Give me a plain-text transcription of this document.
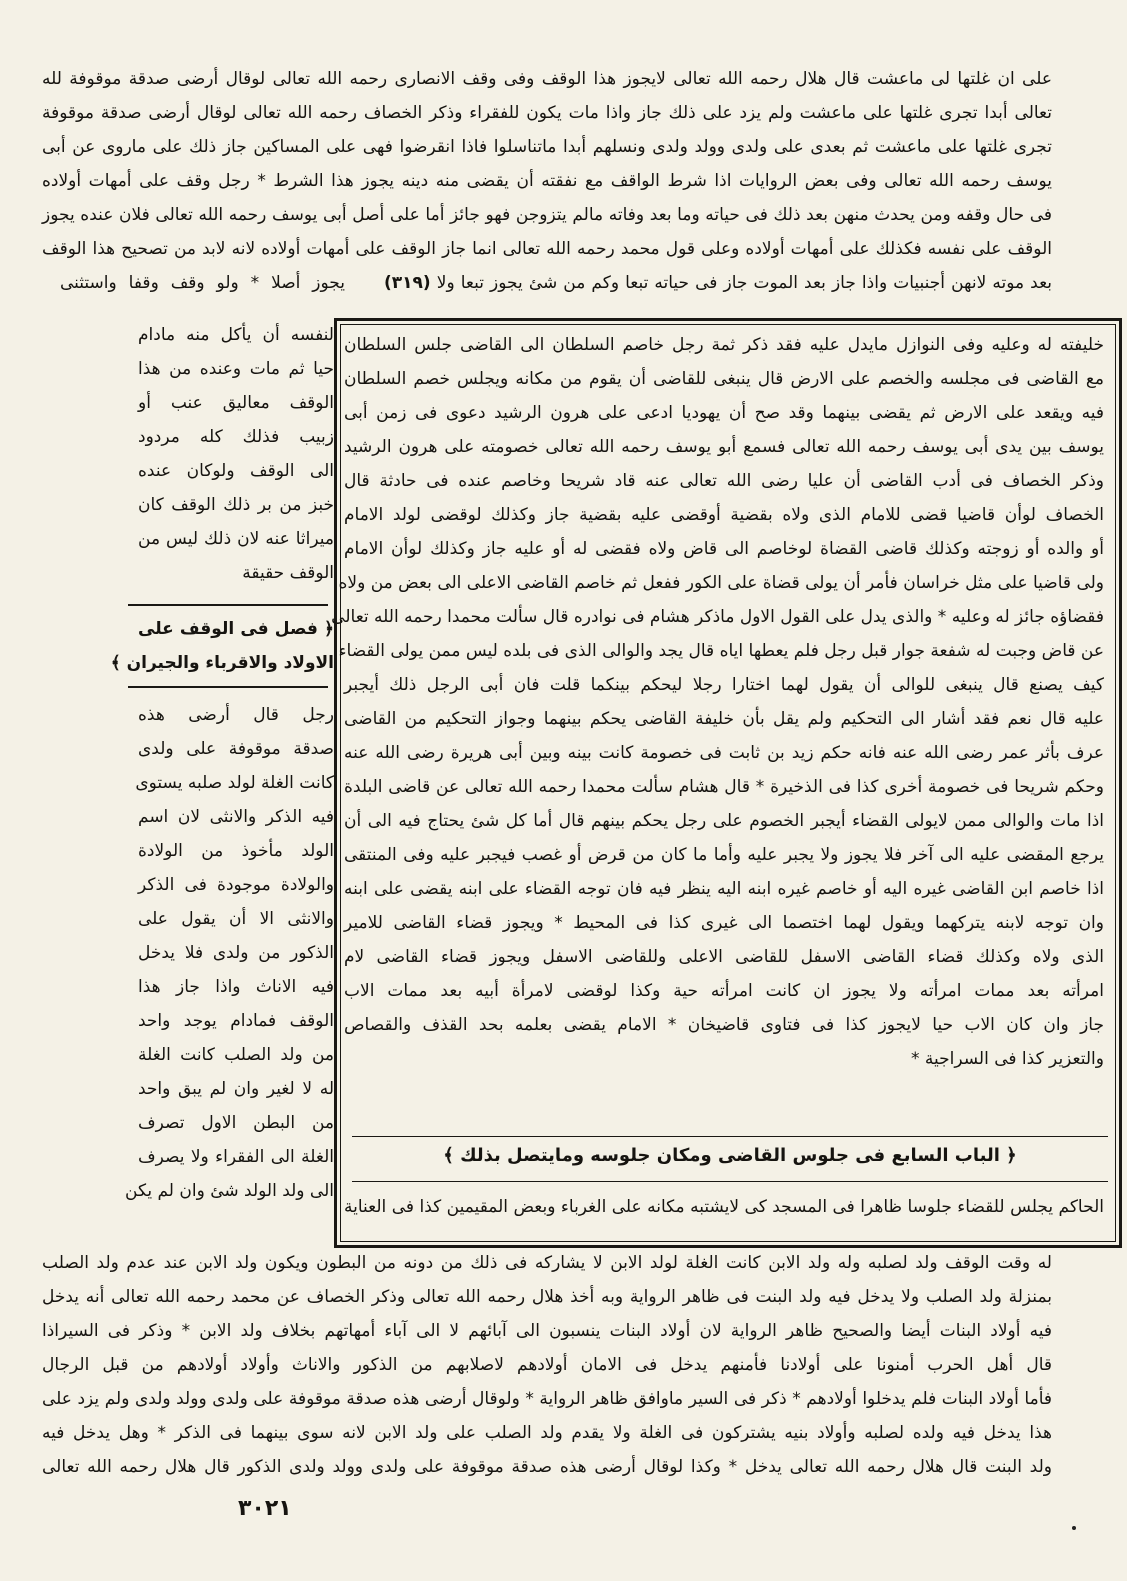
على ان غلتها لى ماعشت قال هلال رحمه الله تعالى لايجوز هذا الوقف وفى وقف الانصارى رحمه الله تعالى لوقال أرضى صدقة موقوفة لله
تعالى أبدا تجرى غلتها على ماعشت ولم يزد على ذلك جاز واذا مات يكون للفقراء وذكر الخصاف رحمه الله تعالى لوقال أرضى صدقة موقوفة
تجرى غلتها على ماعشت ثم بعدى على ولدى وولد ولدى ونسلهم أبدا ماتناسلوا فاذا انقرضوا فهى على المساكين جاز ذلك على ماروى عن أبى
يوسف رحمه الله تعالى وفى بعض الروايات اذا شرط الواقف مع نفقته أن يقضى منه دينه يجوز هذا الشرط * رجل وقف على أمهات أولاده
فى حال وقفه ومن يحدث منهن بعد ذلك فى حياته وما بعد وفاته مالم يتزوجن فهو جائز أما على أصل أبى يوسف رحمه الله تعالى فلان عنده يجوز
الوقف على نفسه فكذلك على أمهات أولاده وعلى قول محمد رحمه الله تعالى انما جاز الوقف على أمهات أولاده لانه لابد من تصحيح هذا الوقف
بعد موته لانهن أجنبيات واذا جاز بعد الموت جاز فى حياته تبعا وكم من شئ يجوز تبعا ولا (٣١٩)
يجوز أصلا * ولو وقف وقفا واستثنى
خليفته له وعليه وفى النوازل مايدل عليه فقد ذكر ثمة رجل خاصم السلطان الى القاضى جلس السلطان
مع القاضى فى مجلسه والخصم على الارض قال ينبغى للقاضى أن يقوم من مكانه ويجلس خصم السلطان
فيه ويقعد على الارض ثم يقضى بينهما وقد صح أن يهوديا ادعى على هرون الرشيد دعوى فى زمن أبى
يوسف بين يدى أبى يوسف رحمه الله تعالى فسمع أبو يوسف رحمه الله تعالى خصومته على هرون الرشيد
وذكر الخصاف فى أدب القاضى أن عليا رضى الله تعالى عنه قاد شريحا وخاصم عنده فى حادثة قال
الخصاف لوأن قاضيا قضى للامام الذى ولاه بقضية أوقضى عليه بقضية جاز وكذلك لوقضى لولد الامام
أو والده أو زوجته وكذلك قاضى القضاة لوخاصم الى قاض ولاه فقضى له أو عليه جاز وكذلك لوأن الامام
ولى قاضيا على مثل خراسان فأمر أن يولى قضاة على الكور ففعل ثم خاصم القاضى الاعلى الى بعض من ولاه
فقضاؤه جائز له وعليه * والذى يدل على القول الاول ماذكر هشام فى نوادره قال سألت محمدا رحمه الله تعالى
عن قاض وجبت له شفعة جوار قبل رجل فلم يعطها اياه قال يجد والوالى الذى فى بلده ليس ممن يولى القضاء
كيف يصنع قال ينبغى للوالى أن يقول لهما اختارا رجلا ليحكم بينكما قلت فان أبى الرجل ذلك أيجبر
عليه قال نعم فقد أشار الى التحكيم ولم يقل بأن خليفة القاضى يحكم بينهما وجواز التحكيم من القاضى
عرف بأثر عمر رضى الله عنه فانه حكم زيد بن ثابت فى خصومة كانت بينه وبين أبى هريرة رضى الله عنه
وحكم شريحا فى خصومة أخرى كذا فى الذخيرة * قال هشام سألت محمدا رحمه الله تعالى عن قاضى البلدة
اذا مات والوالى ممن لايولى القضاء أيجبر الخصوم على رجل يحكم بينهم قال أما كل شئ يحتاج فيه الى أن
يرجع المقضى عليه الى آخر فلا يجوز ولا يجبر عليه وأما ما كان من قرض أو غصب فيجبر عليه وفى المنتقى
اذا خاصم ابن القاضى غيره اليه أو خاصم غيره ابنه اليه ينظر فيه فان توجه القضاء على ابنه يقضى على ابنه
وان توجه لابنه يتركهما ويقول لهما اختصما الى غيرى كذا فى المحيط * ويجوز قضاء القاضى للامير
الذى ولاه وكذلك قضاء القاضى الاسفل للقاضى الاعلى وللقاضى الاسفل ويجوز قضاء القاضى لام
امرأته بعد ممات امرأته ولا يجوز ان كانت امرأته حية وكذا لوقضى لامرأة أبيه بعد ممات الاب
جاز وان كان الاب حيا لايجوز كذا فى فتاوى قاضيخان * الامام يقضى بعلمه بحد القذف والقصاص
والتعزير كذا فى السراجية *
الحاكم يجلس للقضاء جلوسا ظاهرا فى المسجد كى لايشتبه مكانه على الغرباء وبعض المقيمين كذا فى العناية
﴿ الباب السابع فى جلوس القاضى ومكان جلوسه ومايتصل بذلك ﴾
لنفسه أن يأكل منه مادام
حيا ثم مات وعنده من هذا
الوقف معاليق عنب أو
زبيب فذلك كله مردود
الى الوقف ولوكان عنده
خبز من بر ذلك الوقف كان
ميراثا عنه لان ذلك ليس من
الوقف حقيقة
﴿ فصل فى الوقف على
الاولاد والاقرباء والجيران ﴾
رجل قال أرضى هذه
صدقة موقوفة على ولدى
كانت الغلة لولد صلبه يستوى
فيه الذكر والانثى لان اسم
الولد مأخوذ من الولادة
والولادة موجودة فى الذكر
والانثى الا أن يقول على
الذكور من ولدى فلا يدخل
فيه الاناث واذا جاز هذا
الوقف فمادام يوجد واحد
من ولد الصلب كانت الغلة
له لا لغير وان لم يبق واحد
من البطن الاول تصرف
الغلة الى الفقراء ولا يصرف
الى ولد الولد شئ وان لم يكن
له وقت الوقف ولد لصلبه وله ولد الابن كانت الغلة لولد الابن لا يشاركه فى ذلك من دونه من البطون ويكون ولد الابن عند عدم ولد الصلب
بمنزلة ولد الصلب ولا يدخل فيه ولد البنت فى ظاهر الرواية وبه أخذ هلال رحمه الله تعالى وذكر الخصاف عن محمد رحمه الله تعالى أنه يدخل
فيه أولاد البنات أيضا والصحيح ظاهر الرواية لان أولاد البنات ينسبون الى آبائهم لا الى آباء أمهاتهم بخلاف ولد الابن * وذكر فى السيراذا
قال أهل الحرب أمنونا على أولادنا فأمنهم يدخل فى الامان أولادهم لاصلابهم من الذكور والاناث وأولاد أولادهم من قبل الرجال
فأما أولاد البنات فلم يدخلوا أولادهم * ذكر فى السير ماوافق ظاهر الرواية * ولوقال أرضى هذه صدقة موقوفة على ولدى وولد ولدى ولم يزد على
هذا يدخل فيه ولده لصلبه وأولاد بنيه يشتركون فى الغلة ولا يقدم ولد الصلب على ولد الابن لانه سوى بينهما فى الذكر * وهل يدخل فيه
ولد البنت قال هلال رحمه الله تعالى يدخل * وكذا لوقال أرضى هذه صدقة موقوفة على ولدى وولد ولدى الذكور قال هلال رحمه الله تعالى
٣٠٢١
